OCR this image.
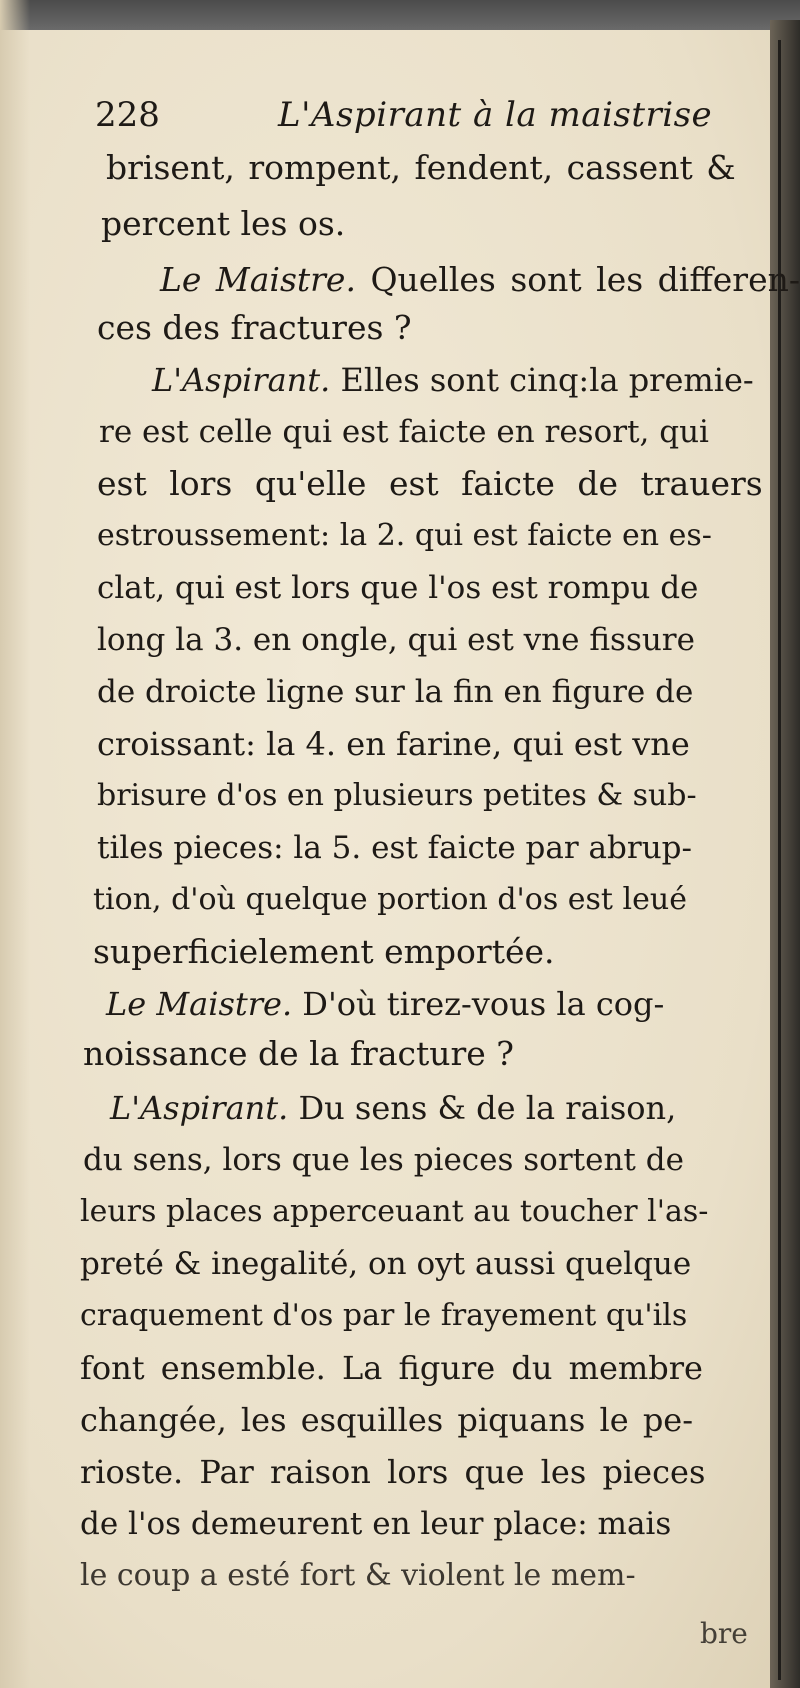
228	L'Aspirant à la maistrise
brisent, rompent, fendent, cassent &
percent les os.
Le Maistre. Quelles sont les differen-
ces des fractures ?
L'Aspirant. Elles sont cinq:la premie-
re est celle qui est faicte en resort, qui
est lors qu'elle est faicte de trauers
estroussement: la 2. qui est faicte en es-
clat, qui est lors que l'os est rompu de
long la 3. en ongle, qui est vne fissure
de droicte ligne sur la fin en figure de
croissant: la 4. en farine, qui est vne
brisure d'os en plusieurs petites & sub-
tiles pieces: la 5. est faicte par abrup-
tion, d'où quelque portion d'os est leué
superficielement emportée.
Le Maistre. D'où tirez-vous la cog-
noissance de la fracture ?
L'Aspirant. Du sens & de la raison,
du sens, lors que les pieces sortent de
leurs places apperceuant au toucher l'as-
preté & inegalité, on oyt aussi quelque
craquement d'os par le frayement qu'ils
font ensemble. La figure du membre
changée, les esquilles piquans le pe-
rioste. Par raison lors que les pieces
de l'os demeurent en leur place: mais
le coup a esté fort & violent le mem-
bre
